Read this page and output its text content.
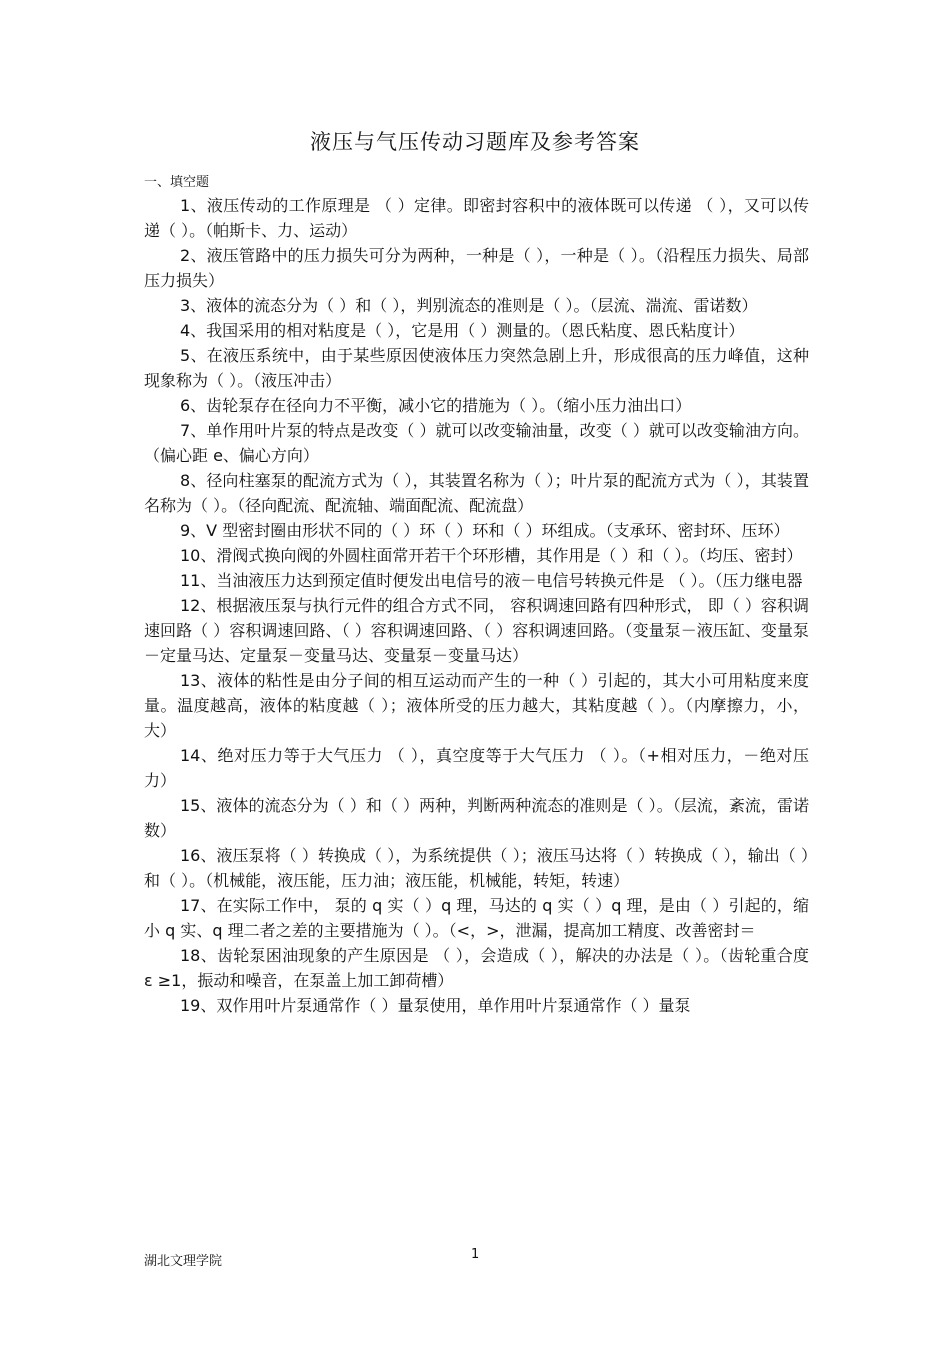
液压与气压传动习题库及参考答案
一、填空题

1、液压传动的工作原理是 （ ）定律。即密封容积中的液体既可以传递 （ ），又可以传递（ ）。（帕斯卡、力、运动）

2、液压管路中的压力损失可分为两种，一种是（ ），一种是（ ）。（沿程压力损失、局部压力损失）

3、液体的流态分为（ ）和（ ），判别流态的准则是（ ）。（层流、湍流、雷诺数）

4、我国采用的相对粘度是（ ），它是用（ ）测量的。（恩氏粘度、恩氏粘度计）

5、在液压系统中，由于某些原因使液体压力突然急剧上升，形成很高的压力峰值，这种现象称为（ ）。（液压冲击）

6、齿轮泵存在径向力不平衡，减小它的措施为（ ）。（缩小压力油出口）

7、单作用叶片泵的特点是改变（ ）就可以改变输油量，改变（ ）就可以改变输油方向。（偏心距 e、偏心方向）

8、径向柱塞泵的配流方式为（ ），其装置名称为（ ）；叶片泵的配流方式为（ ），其装置名称为（ ）。（径向配流、配流轴、端面配流、配流盘）

9、V 型密封圈由形状不同的（ ）环（ ）环和（ ）环组成。（支承环、密封环、压环）

10、滑阀式换向阀的外圆柱面常开若干个环形槽，其作用是（ ）和（ ）。（均压、密封）

11、当油液压力达到预定值时便发出电信号的液－电信号转换元件是 （ ）。（压力继电器

12、根据液压泵与执行元件的组合方式不同， 容积调速回路有四种形式， 即（ ）容积调速回路（ ）容积调速回路、（ ）容积调速回路、（ ）容积调速回路。（变量泵－液压缸、变量泵－定量马达、定量泵－变量马达、变量泵－变量马达）

13、液体的粘性是由分子间的相互运动而产生的一种（ ）引起的，其大小可用粘度来度量。温度越高，液体的粘度越（ ）；液体所受的压力越大，其粘度越（ ）。（内摩擦力，小，大）

14、绝对压力等于大气压力 （ ），真空度等于大气压力 （ ）。（+相对压力，－绝对压力）

15、液体的流态分为（ ）和（ ）两种，判断两种流态的准则是（ ）。（层流，紊流，雷诺数）

16、液压泵将（ ）转换成（ ），为系统提供（ ）；液压马达将（ ）转换成（ ），输出（ ）和（ ）。（机械能，液压能，压力油；液压能，机械能，转矩，转速）

17、在实际工作中， 泵的 q 实（ ）q 理，马达的 q 实（ ）q 理，是由（ ）引起的，缩小 q 实、q 理二者之差的主要措施为（ ）。（<，>，泄漏，提高加工精度、改善密封＝

18、齿轮泵困油现象的产生原因是 （ ），会造成（ ），解决的办法是（ ）。（齿轮重合度 ε ≥1，振动和噪音，在泵盖上加工卸荷槽）

19、双作用叶片泵通常作（ ）量泵使用，单作用叶片泵通常作（ ）量泵

湖北文理学院	1
